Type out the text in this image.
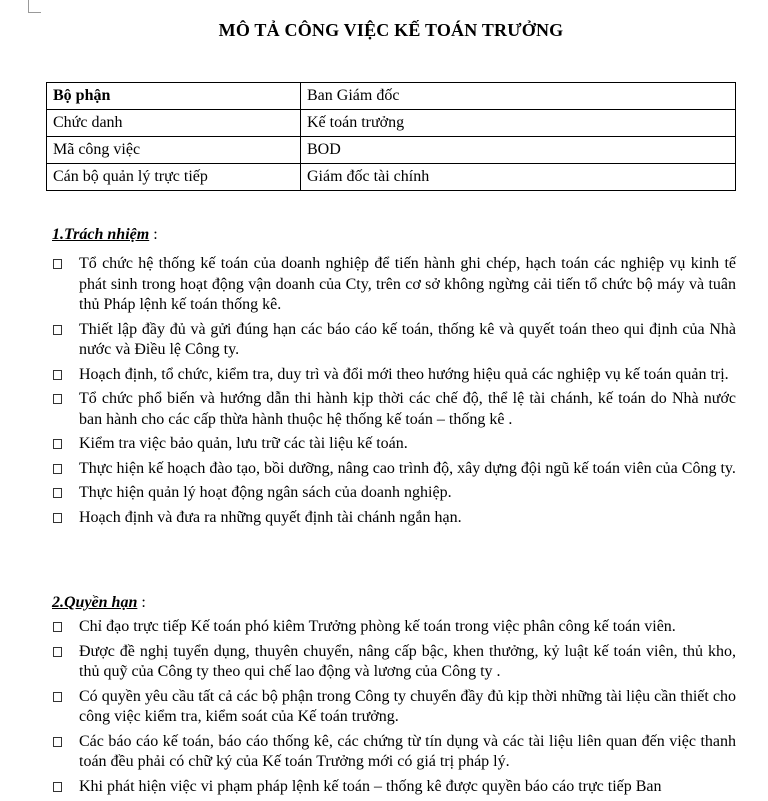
MÔ TẢ CÔNG VIỆC KẾ TOÁN TRƯỞNG
Bộ phận	Ban Giám đốc
Chức danh	Kế toán trưởng
Mã công việc	BOD
Cán bộ quản lý trực tiếp	Giám đốc tài chính
1.Trách nhiệm :
Tổ chức hệ thống kế toán của doanh nghiệp để tiến hành ghi chép, hạch toán các nghiệp vụ kinh tế phát sinh trong hoạt động vận doanh của Cty, trên cơ sở không ngừng cải tiến tổ chức bộ máy và tuân thủ Pháp lệnh kế toán thống kê.
Thiết lập đầy đủ và gửi đúng hạn các báo cáo kế toán, thống kê và quyết toán theo qui định của Nhà nước và Điều lệ Công ty.
Hoạch định, tổ chức, kiểm tra, duy trì và đổi mới theo hướng hiệu quả các nghiệp vụ kế toán quản trị.
Tổ chức phổ biến và hướng dẫn thi hành kịp thời các chế độ, thể lệ tài chánh, kế toán do Nhà nước ban hành cho các cấp thừa hành thuộc hệ thống kế toán – thống kê .
Kiểm tra việc bảo quản, lưu trữ các tài liệu kế toán.
Thực hiện kế hoạch đào tạo, bồi dưỡng, nâng cao trình độ, xây dựng đội ngũ kế toán viên của Công ty.
Thực hiện quản lý hoạt động ngân sách của doanh nghiệp.
Hoạch định và đưa ra những quyết định tài chánh ngắn hạn.
2.Quyền hạn :
Chỉ đạo trực tiếp Kế toán phó kiêm Trưởng phòng kế toán trong việc phân công kế toán viên.
Được đề nghị tuyển dụng, thuyên chuyển, nâng cấp bậc, khen thưởng, kỷ luật kế toán viên, thủ kho, thủ quỹ của Công ty theo qui chế lao động và lương của Công ty .
Có quyền yêu cầu tất cả các bộ phận trong Công ty chuyển đầy đủ kịp thời những tài liệu cần thiết cho công việc kiểm tra, kiểm soát của Kế toán trưởng.
Các báo cáo kế toán, báo cáo thống kê, các chứng từ tín dụng và các tài liệu liên quan đến việc thanh toán đều phải có chữ ký của Kế toán Trưởng mới có giá trị pháp lý.
Khi phát hiện việc vi phạm pháp lệnh kế toán – thống kê được quyền báo cáo trực tiếp Ban
